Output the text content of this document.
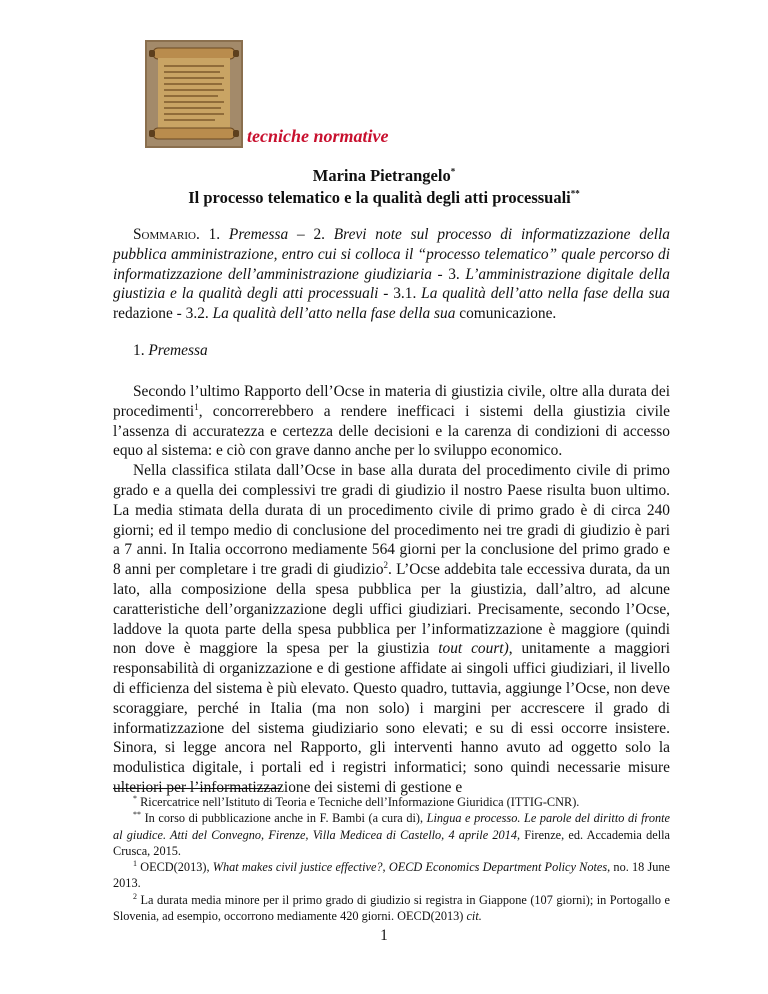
tecniche normative
Marina Pietrangelo*
Il processo telematico e la qualità degli atti processuali**
Sommario. 1. Premessa – 2. Brevi note sul processo di informatizzazione della pubblica amministrazione, entro cui si colloca il “processo telematico” quale percorso di informatizzazione dell’amministrazione giudiziaria - 3. L’amministrazione digitale della giustizia e la qualità degli atti processuali - 3.1. La qualità dell’atto nella fase della sua redazione - 3.2. La qualità dell’atto nella fase della sua comunicazione.
1. Premessa

Secondo l’ultimo Rapporto dell’Ocse in materia di giustizia civile, oltre alla durata dei procedimenti$^1$, concorrerebbero a rendere inefficaci i sistemi della giustizia civile l’assenza di accuratezza e certezza delle decisioni e la carenza di condizioni di accesso equo al sistema: e ciò con grave danno anche per lo sviluppo economico.

Nella classifica stilata dall’Ocse in base alla durata del procedimento civile di primo grado e a quella dei complessivi tre gradi di giudizio il nostro Paese risulta buon ultimo. La media stimata della durata di un procedimento civile di primo grado è di circa 240 giorni; ed il tempo medio di conclusione del procedimento nei tre gradi di giudizio è pari a 7 anni. In Italia occorrono mediamente 564 giorni per la conclusione del primo grado e 8 anni per completare i tre gradi di giudizio$^2$. L’Ocse addebita tale eccessiva durata, da un lato, alla composizione della spesa pubblica per la giustizia, dall’altro, ad alcune caratteristiche dell’organizzazione degli uffici giudiziari. Precisamente, secondo l’Ocse, laddove la quota parte della spesa pubblica per l’informatizzazione è maggiore (quindi non dove è maggiore la spesa per la giustizia tout court), unitamente a maggiori responsabilità di organizzazione e di gestione affidate ai singoli uffici giudiziari, il livello di efficienza del sistema è più elevato. Questo quadro, tuttavia, aggiunge l’Ocse, non deve scoraggiare, perché in Italia (ma non solo) i margini per accrescere il grado di informatizzazione del sistema giudiziario sono elevati; e su di essi occorre insistere. Sinora, si legge ancora nel Rapporto, gli interventi hanno avuto ad oggetto solo la modulistica digitale, i portali ed i registri informatici; sono quindi necessarie misure ulteriori per l’informatizzazione dei sistemi di gestione e

* Ricercatrice nell’Istituto di Teoria e Tecniche dell’Informazione Giuridica (ITTIG-CNR).

** In corso di pubblicazione anche in F. Bambi (a cura di), Lingua e processo. Le parole del diritto di fronte al giudice. Atti del Convegno, Firenze, Villa Medicea di Castello, 4 aprile 2014, Firenze, ed. Accademia della Crusca, 2015.

$^1$ OECD(2013), What makes civil justice effective?, OECD Economics Department Policy Notes, no. 18 June 2013.

$^2$ La durata media minore per il primo grado di giudizio si registra in Giappone (107 giorni); in Portogallo e Slovenia, ad esempio, occorrono mediamente 420 giorni. OECD(2013) cit.

1
